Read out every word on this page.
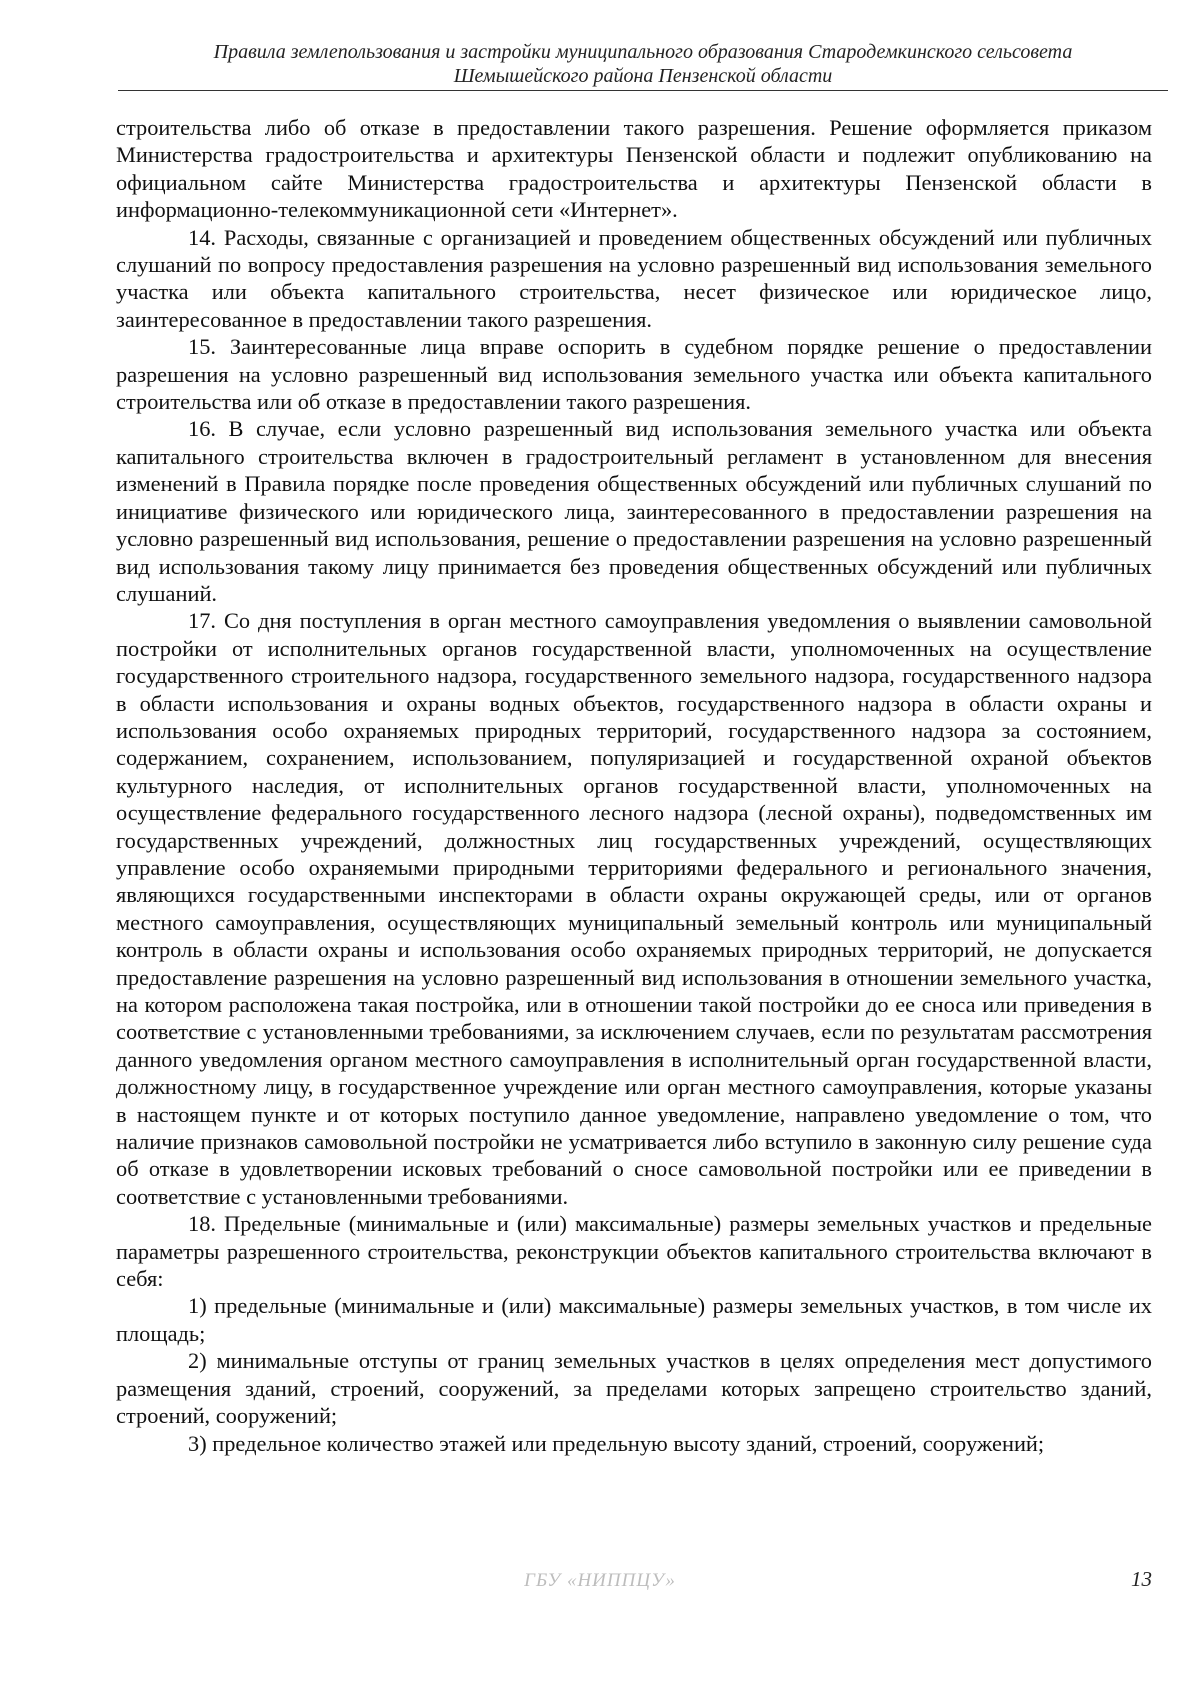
Правила землепользования и застройки муниципального образования Стародемкинского сельсовета
Шемышейского района Пензенской области

строительства либо об отказе в предоставлении такого разрешения. Решение оформляется приказом Министерства градостроительства и архитектуры Пензенской области и подлежит опубликованию на официальном сайте Министерства градостроительства и архитектуры Пензенской области в информационно-телекоммуникационной сети «Интернет».

14. Расходы, связанные с организацией и проведением общественных обсуждений или публичных слушаний по вопросу предоставления разрешения на условно разрешенный вид использования земельного участка или объекта капитального строительства, несет физическое или юридическое лицо, заинтересованное в предоставлении такого разрешения.

15. Заинтересованные лица вправе оспорить в судебном порядке решение о предоставлении разрешения на условно разрешенный вид использования земельного участка или объекта капитального строительства или об отказе в предоставлении такого разрешения.

16. В случае, если условно разрешенный вид использования земельного участка или объекта капитального строительства включен в градостроительный регламент в установленном для внесения изменений в Правила порядке после проведения общественных обсуждений или публичных слушаний по инициативе физического или юридического лица, заинтересованного в предоставлении разрешения на условно разрешенный вид использования, решение о предоставлении разрешения на условно разрешенный вид использования такому лицу принимается без проведения общественных обсуждений или публичных слушаний.

17. Со дня поступления в орган местного самоуправления уведомления о выявлении самовольной постройки от исполнительных органов государственной власти, уполномоченных на осуществление государственного строительного надзора, государственного земельного надзора, государственного надзора в области использования и охраны водных объектов, государственного надзора в области охраны и использования особо охраняемых природных территорий, государственного надзора за состоянием, содержанием, сохранением, использованием, популяризацией и государственной охраной объектов культурного наследия, от исполнительных органов государственной власти, уполномоченных на осуществление федерального государственного лесного надзора (лесной охраны), подведомственных им государственных учреждений, должностных лиц государственных учреждений, осуществляющих управление особо охраняемыми природными территориями федерального и регионального значения, являющихся государственными инспекторами в области охраны окружающей среды, или от органов местного самоуправления, осуществляющих муниципальный земельный контроль или муниципальный контроль в области охраны и использования особо охраняемых природных территорий, не допускается предоставление разрешения на условно разрешенный вид использования в отношении земельного участка, на котором расположена такая постройка, или в отношении такой постройки до ее сноса или приведения в соответствие с установленными требованиями, за исключением случаев, если по результатам рассмотрения данного уведомления органом местного самоуправления в исполнительный орган государственной власти, должностному лицу, в государственное учреждение или орган местного самоуправления, которые указаны в настоящем пункте и от которых поступило данное уведомление, направлено уведомление о том, что наличие признаков самовольной постройки не усматривается либо вступило в законную силу решение суда об отказе в удовлетворении исковых требований о сносе самовольной постройки или ее приведении в соответствие с установленными требованиями.

18. Предельные (минимальные и (или) максимальные) размеры земельных участков и предельные параметры разрешенного строительства, реконструкции объектов капитального строительства включают в себя:

1) предельные (минимальные и (или) максимальные) размеры земельных участков, в том числе их площадь;

2) минимальные отступы от границ земельных участков в целях определения мест допустимого размещения зданий, строений, сооружений, за пределами которых запрещено строительство зданий, строений, сооружений;

3) предельное количество этажей или предельную высоту зданий, строений, сооружений;

ГБУ «НИППЦУ»	13
